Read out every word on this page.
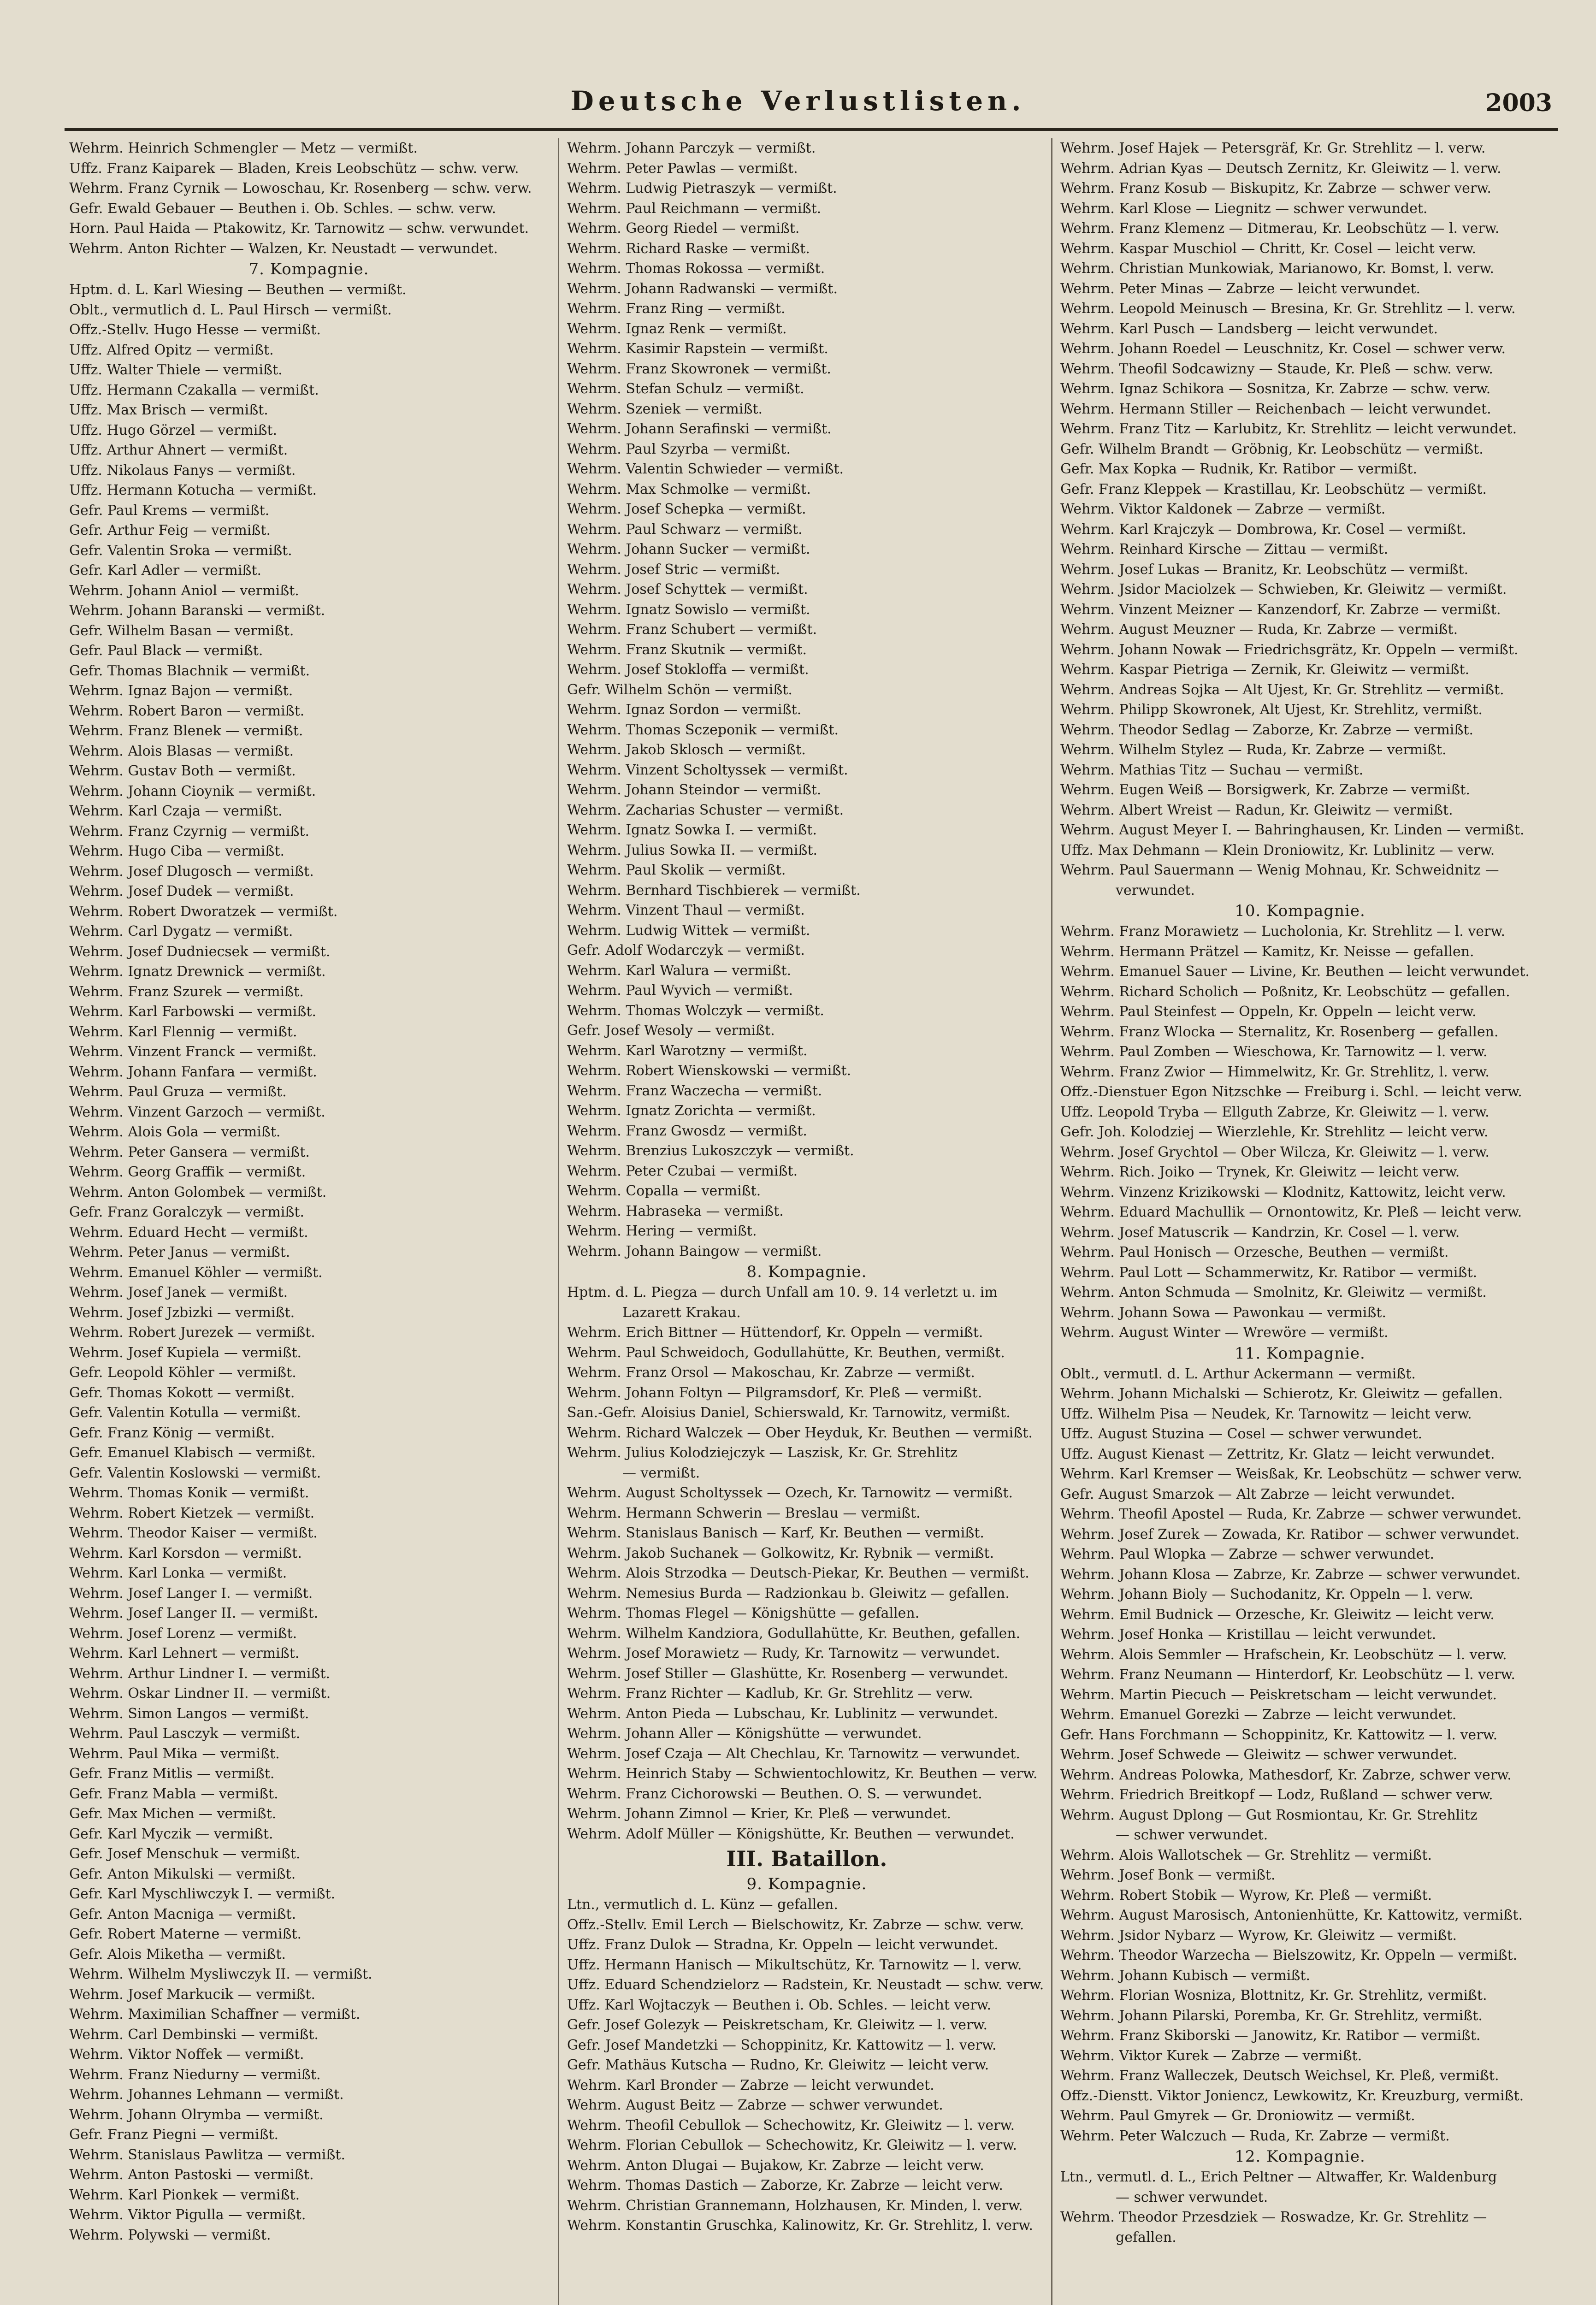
Deutsche Verlustlisten.	2003
Wehrm. Heinrich Schmengler — Metz — vermißt.
Uffz. Franz Kaiparek — Bladen, Kreis Leobschütz — schw. verw.
Wehrm. Franz Cyrnik — Lowoschau, Kr. Rosenberg — schw. verw.
Gefr. Ewald Gebauer — Beuthen i. Ob. Schles. — schw. verw.
Horn. Paul Haida — Ptakowitz, Kr. Tarnowitz — schw. verwundet.
Wehrm. Anton Richter — Walzen, Kr. Neustadt — verwundet.
7. Kompagnie.
Hptm. d. L. Karl Wiesing — Beuthen — vermißt.
Oblt., vermutlich d. L. Paul Hirsch — vermißt.
Offz.-Stellv. Hugo Hesse — vermißt.
Uffz. Alfred Opitz — vermißt.
Uffz. Walter Thiele — vermißt.
Uffz. Hermann Czakalla — vermißt.
Uffz. Max Brisch — vermißt.
Uffz. Hugo Görzel — vermißt.
Uffz. Arthur Ahnert — vermißt.
Uffz. Nikolaus Fanys — vermißt.
Uffz. Hermann Kotucha — vermißt.
Gefr. Paul Krems — vermißt.
Gefr. Arthur Feig — vermißt.
Gefr. Valentin Sroka — vermißt.
Gefr. Karl Adler — vermißt.
Wehrm. Johann Aniol — vermißt.
Wehrm. Johann Baranski — vermißt.
Gefr. Wilhelm Basan — vermißt.
Gefr. Paul Black — vermißt.
Gefr. Thomas Blachnik — vermißt.
Wehrm. Ignaz Bajon — vermißt.
Wehrm. Robert Baron — vermißt.
Wehrm. Franz Blenek — vermißt.
Wehrm. Alois Blasas — vermißt.
Wehrm. Gustav Both — vermißt.
Wehrm. Johann Cioynik — vermißt.
Wehrm. Karl Czaja — vermißt.
Wehrm. Franz Czyrnig — vermißt.
Wehrm. Hugo Ciba — vermißt.
Wehrm. Josef Dlugosch — vermißt.
Wehrm. Josef Dudek — vermißt.
Wehrm. Robert Dworatzek — vermißt.
Wehrm. Carl Dygatz — vermißt.
Wehrm. Josef Dudniecsek — vermißt.
Wehrm. Ignatz Drewnick — vermißt.
Wehrm. Franz Szurek — vermißt.
Wehrm. Karl Farbowski — vermißt.
Wehrm. Karl Flennig — vermißt.
Wehrm. Vinzent Franck — vermißt.
Wehrm. Johann Fanfara — vermißt.
Wehrm. Paul Gruza — vermißt.
Wehrm. Vinzent Garzoch — vermißt.
Wehrm. Alois Gola — vermißt.
Wehrm. Peter Gansera — vermißt.
Wehrm. Georg Graffik — vermißt.
Wehrm. Anton Golombek — vermißt.
Gefr. Franz Goralczyk — vermißt.
Wehrm. Eduard Hecht — vermißt.
Wehrm. Peter Janus — vermißt.
Wehrm. Emanuel Köhler — vermißt.
Wehrm. Josef Janek — vermißt.
Wehrm. Josef Jzbizki — vermißt.
Wehrm. Robert Jurezek — vermißt.
Wehrm. Josef Kupiela — vermißt.
Gefr. Leopold Köhler — vermißt.
Gefr. Thomas Kokott — vermißt.
Gefr. Valentin Kotulla — vermißt.
Gefr. Franz König — vermißt.
Gefr. Emanuel Klabisch — vermißt.
Gefr. Valentin Koslowski — vermißt.
Wehrm. Thomas Konik — vermißt.
Wehrm. Robert Kietzek — vermißt.
Wehrm. Theodor Kaiser — vermißt.
Wehrm. Karl Korsdon — vermißt.
Wehrm. Karl Lonka — vermißt.
Wehrm. Josef Langer I. — vermißt.
Wehrm. Josef Langer II. — vermißt.
Wehrm. Josef Lorenz — vermißt.
Wehrm. Karl Lehnert — vermißt.
Wehrm. Arthur Lindner I. — vermißt.
Wehrm. Oskar Lindner II. — vermißt.
Wehrm. Simon Langos — vermißt.
Wehrm. Paul Lasczyk — vermißt.
Wehrm. Paul Mika — vermißt.
Gefr. Franz Mitlis — vermißt.
Gefr. Franz Mabla — vermißt.
Gefr. Max Michen — vermißt.
Gefr. Karl Myczik — vermißt.
Gefr. Josef Menschuk — vermißt.
Gefr. Anton Mikulski — vermißt.
Gefr. Karl Myschliwczyk I. — vermißt.
Gefr. Anton Macniga — vermißt.
Gefr. Robert Materne — vermißt.
Gefr. Alois Miketha — vermißt.
Wehrm. Wilhelm Mysliwczyk II. — vermißt.
Wehrm. Josef Markucik — vermißt.
Wehrm. Maximilian Schaffner — vermißt.
Wehrm. Carl Dembinski — vermißt.
Wehrm. Viktor Noffek — vermißt.
Wehrm. Franz Niedurny — vermißt.
Wehrm. Johannes Lehmann — vermißt.
Wehrm. Johann Olrymba — vermißt.
Gefr. Franz Piegni — vermißt.
Wehrm. Stanislaus Pawlitza — vermißt.
Wehrm. Anton Pastoski — vermißt.
Wehrm. Karl Pionkek — vermißt.
Wehrm. Viktor Pigulla — vermißt.
Wehrm. Polywski — vermißt.
Wehrm. Johann Parczyk — vermißt.
Wehrm. Peter Pawlas — vermißt.
Wehrm. Ludwig Pietraszyk — vermißt.
Wehrm. Paul Reichmann — vermißt.
Wehrm. Georg Riedel — vermißt.
Wehrm. Richard Raske — vermißt.
Wehrm. Thomas Rokossa — vermißt.
Wehrm. Johann Radwanski — vermißt.
Wehrm. Franz Ring — vermißt.
Wehrm. Ignaz Renk — vermißt.
Wehrm. Kasimir Rapstein — vermißt.
Wehrm. Franz Skowronek — vermißt.
Wehrm. Stefan Schulz — vermißt.
Wehrm. Szeniek — vermißt.
Wehrm. Johann Serafinski — vermißt.
Wehrm. Paul Szyrba — vermißt.
Wehrm. Valentin Schwieder — vermißt.
Wehrm. Max Schmolke — vermißt.
Wehrm. Josef Schepka — vermißt.
Wehrm. Paul Schwarz — vermißt.
Wehrm. Johann Sucker — vermißt.
Wehrm. Josef Stric — vermißt.
Wehrm. Josef Schyttek — vermißt.
Wehrm. Ignatz Sowislo — vermißt.
Wehrm. Franz Schubert — vermißt.
Wehrm. Franz Skutnik — vermißt.
Wehrm. Josef Stokloffa — vermißt.
Gefr. Wilhelm Schön — vermißt.
Wehrm. Ignaz Sordon — vermißt.
Wehrm. Thomas Sczeponik — vermißt.
Wehrm. Jakob Sklosch — vermißt.
Wehrm. Vinzent Scholtyssek — vermißt.
Wehrm. Johann Steindor — vermißt.
Wehrm. Zacharias Schuster — vermißt.
Wehrm. Ignatz Sowka I. — vermißt.
Wehrm. Julius Sowka II. — vermißt.
Wehrm. Paul Skolik — vermißt.
Wehrm. Bernhard Tischbierek — vermißt.
Wehrm. Vinzent Thaul — vermißt.
Wehrm. Ludwig Wittek — vermißt.
Gefr. Adolf Wodarczyk — vermißt.
Wehrm. Karl Walura — vermißt.
Wehrm. Paul Wyvich — vermißt.
Wehrm. Thomas Wolczyk — vermißt.
Gefr. Josef Wesoly — vermißt.
Wehrm. Karl Warotzny — vermißt.
Wehrm. Robert Wienskowski — vermißt.
Wehrm. Franz Waczecha — vermißt.
Wehrm. Ignatz Zorichta — vermißt.
Wehrm. Franz Gwosdz — vermißt.
Wehrm. Brenzius Lukoszczyk — vermißt.
Wehrm. Peter Czubai — vermißt.
Wehrm. Copalla — vermißt.
Wehrm. Habraseka — vermißt.
Wehrm. Hering — vermißt.
Wehrm. Johann Baingow — vermißt.
8. Kompagnie.
Hptm. d. L. Piegza — durch Unfall am 10. 9. 14 verletzt u. im
Lazarett Krakau.
Wehrm. Erich Bittner — Hüttendorf, Kr. Oppeln — vermißt.
Wehrm. Paul Schweidoch, Godullahütte, Kr. Beuthen, vermißt.
Wehrm. Franz Orsol — Makoschau, Kr. Zabrze — vermißt.
Wehrm. Johann Foltyn — Pilgramsdorf, Kr. Pleß — vermißt.
San.-Gefr. Aloisius Daniel, Schierswald, Kr. Tarnowitz, vermißt.
Wehrm. Richard Walczek — Ober Heyduk, Kr. Beuthen — vermißt.
Wehrm. Julius Kolodziejczyk — Laszisk, Kr. Gr. Strehlitz
— vermißt.
Wehrm. August Scholtyssek — Ozech, Kr. Tarnowitz — vermißt.
Wehrm. Hermann Schwerin — Breslau — vermißt.
Wehrm. Stanislaus Banisch — Karf, Kr. Beuthen — vermißt.
Wehrm. Jakob Suchanek — Golkowitz, Kr. Rybnik — vermißt.
Wehrm. Alois Strzodka — Deutsch-Piekar, Kr. Beuthen — vermißt.
Wehrm. Nemesius Burda — Radzionkau b. Gleiwitz — gefallen.
Wehrm. Thomas Flegel — Königshütte — gefallen.
Wehrm. Wilhelm Kandziora, Godullahütte, Kr. Beuthen, gefallen.
Wehrm. Josef Morawietz — Rudy, Kr. Tarnowitz — verwundet.
Wehrm. Josef Stiller — Glashütte, Kr. Rosenberg — verwundet.
Wehrm. Franz Richter — Kadlub, Kr. Gr. Strehlitz — verw.
Wehrm. Anton Pieda — Lubschau, Kr. Lublinitz — verwundet.
Wehrm. Johann Aller — Königshütte — verwundet.
Wehrm. Josef Czaja — Alt Chechlau, Kr. Tarnowitz — verwundet.
Wehrm. Heinrich Staby — Schwientochlowitz, Kr. Beuthen — verw.
Wehrm. Franz Cichorowski — Beuthen. O. S. — verwundet.
Wehrm. Johann Zimnol — Krier, Kr. Pleß — verwundet.
Wehrm. Adolf Müller — Königshütte, Kr. Beuthen — verwundet.
III. Bataillon.
9. Kompagnie.
Ltn., vermutlich d. L. Künz — gefallen.
Offz.-Stellv. Emil Lerch — Bielschowitz, Kr. Zabrze — schw. verw.
Uffz. Franz Dulok — Stradna, Kr. Oppeln — leicht verwundet.
Uffz. Hermann Hanisch — Mikultschütz, Kr. Tarnowitz — l. verw.
Uffz. Eduard Schendzielorz — Radstein, Kr. Neustadt — schw. verw.
Uffz. Karl Wojtaczyk — Beuthen i. Ob. Schles. — leicht verw.
Gefr. Josef Golezyk — Peiskretscham, Kr. Gleiwitz — l. verw.
Gefr. Josef Mandetzki — Schoppinitz, Kr. Kattowitz — l. verw.
Gefr. Mathäus Kutscha — Rudno, Kr. Gleiwitz — leicht verw.
Wehrm. Karl Bronder — Zabrze — leicht verwundet.
Wehrm. August Beitz — Zabrze — schwer verwundet.
Wehrm. Theofil Cebullok — Schechowitz, Kr. Gleiwitz — l. verw.
Wehrm. Florian Cebullok — Schechowitz, Kr. Gleiwitz — l. verw.
Wehrm. Anton Dlugai — Bujakow, Kr. Zabrze — leicht verw.
Wehrm. Thomas Dastich — Zaborze, Kr. Zabrze — leicht verw.
Wehrm. Christian Grannemann, Holzhausen, Kr. Minden, l. verw.
Wehrm. Konstantin Gruschka, Kalinowitz, Kr. Gr. Strehlitz, l. verw.
Wehrm. Josef Hajek — Petersgräf, Kr. Gr. Strehlitz — l. verw.
Wehrm. Adrian Kyas — Deutsch Zernitz, Kr. Gleiwitz — l. verw.
Wehrm. Franz Kosub — Biskupitz, Kr. Zabrze — schwer verw.
Wehrm. Karl Klose — Liegnitz — schwer verwundet.
Wehrm. Franz Klemenz — Ditmerau, Kr. Leobschütz — l. verw.
Wehrm. Kaspar Muschiol — Chritt, Kr. Cosel — leicht verw.
Wehrm. Christian Munkowiak, Marianowo, Kr. Bomst, l. verw.
Wehrm. Peter Minas — Zabrze — leicht verwundet.
Wehrm. Leopold Meinusch — Bresina, Kr. Gr. Strehlitz — l. verw.
Wehrm. Karl Pusch — Landsberg — leicht verwundet.
Wehrm. Johann Roedel — Leuschnitz, Kr. Cosel — schwer verw.
Wehrm. Theofil Sodcawizny — Staude, Kr. Pleß — schw. verw.
Wehrm. Ignaz Schikora — Sosnitza, Kr. Zabrze — schw. verw.
Wehrm. Hermann Stiller — Reichenbach — leicht verwundet.
Wehrm. Franz Titz — Karlubitz, Kr. Strehlitz — leicht verwundet.
Gefr. Wilhelm Brandt — Gröbnig, Kr. Leobschütz — vermißt.
Gefr. Max Kopka — Rudnik, Kr. Ratibor — vermißt.
Gefr. Franz Kleppek — Krastillau, Kr. Leobschütz — vermißt.
Wehrm. Viktor Kaldonek — Zabrze — vermißt.
Wehrm. Karl Krajczyk — Dombrowa, Kr. Cosel — vermißt.
Wehrm. Reinhard Kirsche — Zittau — vermißt.
Wehrm. Josef Lukas — Branitz, Kr. Leobschütz — vermißt.
Wehrm. Jsidor Maciolzek — Schwieben, Kr. Gleiwitz — vermißt.
Wehrm. Vinzent Meizner — Kanzendorf, Kr. Zabrze — vermißt.
Wehrm. August Meuzner — Ruda, Kr. Zabrze — vermißt.
Wehrm. Johann Nowak — Friedrichsgrätz, Kr. Oppeln — vermißt.
Wehrm. Kaspar Pietriga — Zernik, Kr. Gleiwitz — vermißt.
Wehrm. Andreas Sojka — Alt Ujest, Kr. Gr. Strehlitz — vermißt.
Wehrm. Philipp Skowronek, Alt Ujest, Kr. Strehlitz, vermißt.
Wehrm. Theodor Sedlag — Zaborze, Kr. Zabrze — vermißt.
Wehrm. Wilhelm Stylez — Ruda, Kr. Zabrze — vermißt.
Wehrm. Mathias Titz — Suchau — vermißt.
Wehrm. Eugen Weiß — Borsigwerk, Kr. Zabrze — vermißt.
Wehrm. Albert Wreist — Radun, Kr. Gleiwitz — vermißt.
Wehrm. August Meyer I. — Bahringhausen, Kr. Linden — vermißt.
Uffz. Max Dehmann — Klein Droniowitz, Kr. Lublinitz — verw.
Wehrm. Paul Sauermann — Wenig Mohnau, Kr. Schweidnitz —
verwundet.
10. Kompagnie.
Wehrm. Franz Morawietz — Lucholonia, Kr. Strehlitz — l. verw.
Wehrm. Hermann Prätzel — Kamitz, Kr. Neisse — gefallen.
Wehrm. Emanuel Sauer — Livine, Kr. Beuthen — leicht verwundet.
Wehrm. Richard Scholich — Poßnitz, Kr. Leobschütz — gefallen.
Wehrm. Paul Steinfest — Oppeln, Kr. Oppeln — leicht verw.
Wehrm. Franz Wlocka — Sternalitz, Kr. Rosenberg — gefallen.
Wehrm. Paul Zomben — Wieschowa, Kr. Tarnowitz — l. verw.
Wehrm. Franz Zwior — Himmelwitz, Kr. Gr. Strehlitz, l. verw.
Offz.-Dienstuer Egon Nitzschke — Freiburg i. Schl. — leicht verw.
Uffz. Leopold Tryba — Ellguth Zabrze, Kr. Gleiwitz — l. verw.
Gefr. Joh. Kolodziej — Wierzlehle, Kr. Strehlitz — leicht verw.
Wehrm. Josef Grychtol — Ober Wilcza, Kr. Gleiwitz — l. verw.
Wehrm. Rich. Joiko — Trynek, Kr. Gleiwitz — leicht verw.
Wehrm. Vinzenz Krizikowski — Klodnitz, Kattowitz, leicht verw.
Wehrm. Eduard Machullik — Ornontowitz, Kr. Pleß — leicht verw.
Wehrm. Josef Matuscrik — Kandrzin, Kr. Cosel — l. verw.
Wehrm. Paul Honisch — Orzesche, Beuthen — vermißt.
Wehrm. Paul Lott — Schammerwitz, Kr. Ratibor — vermißt.
Wehrm. Anton Schmuda — Smolnitz, Kr. Gleiwitz — vermißt.
Wehrm. Johann Sowa — Pawonkau — vermißt.
Wehrm. August Winter — Wrewöre — vermißt.
11. Kompagnie.
Oblt., vermutl. d. L. Arthur Ackermann — vermißt.
Wehrm. Johann Michalski — Schierotz, Kr. Gleiwitz — gefallen.
Uffz. Wilhelm Pisa — Neudek, Kr. Tarnowitz — leicht verw.
Uffz. August Stuzina — Cosel — schwer verwundet.
Uffz. August Kienast — Zettritz, Kr. Glatz — leicht verwundet.
Wehrm. Karl Kremser — Weisßak, Kr. Leobschütz — schwer verw.
Gefr. August Smarzok — Alt Zabrze — leicht verwundet.
Wehrm. Theofil Apostel — Ruda, Kr. Zabrze — schwer verwundet.
Wehrm. Josef Zurek — Zowada, Kr. Ratibor — schwer verwundet.
Wehrm. Paul Wlopka — Zabrze — schwer verwundet.
Wehrm. Johann Klosa — Zabrze, Kr. Zabrze — schwer verwundet.
Wehrm. Johann Bioly — Suchodanitz, Kr. Oppeln — l. verw.
Wehrm. Emil Budnick — Orzesche, Kr. Gleiwitz — leicht verw.
Wehrm. Josef Honka — Kristillau — leicht verwundet.
Wehrm. Alois Semmler — Hrafschein, Kr. Leobschütz — l. verw.
Wehrm. Franz Neumann — Hinterdorf, Kr. Leobschütz — l. verw.
Wehrm. Martin Piecuch — Peiskretscham — leicht verwundet.
Wehrm. Emanuel Gorezki — Zabrze — leicht verwundet.
Gefr. Hans Forchmann — Schoppinitz, Kr. Kattowitz — l. verw.
Wehrm. Josef Schwede — Gleiwitz — schwer verwundet.
Wehrm. Andreas Polowka, Mathesdorf, Kr. Zabrze, schwer verw.
Wehrm. Friedrich Breitkopf — Lodz, Rußland — schwer verw.
Wehrm. August Dplong — Gut Rosmiontau, Kr. Gr. Strehlitz
— schwer verwundet.
Wehrm. Alois Wallotschek — Gr. Strehlitz — vermißt.
Wehrm. Josef Bonk — vermißt.
Wehrm. Robert Stobik — Wyrow, Kr. Pleß — vermißt.
Wehrm. August Marosisch, Antonienhütte, Kr. Kattowitz, vermißt.
Wehrm. Jsidor Nybarz — Wyrow, Kr. Gleiwitz — vermißt.
Wehrm. Theodor Warzecha — Bielszowitz, Kr. Oppeln — vermißt.
Wehrm. Johann Kubisch — vermißt.
Wehrm. Florian Wosniza, Blottnitz, Kr. Gr. Strehlitz, vermißt.
Wehrm. Johann Pilarski, Poremba, Kr. Gr. Strehlitz, vermißt.
Wehrm. Franz Skiborski — Janowitz, Kr. Ratibor — vermißt.
Wehrm. Viktor Kurek — Zabrze — vermißt.
Wehrm. Franz Walleczek, Deutsch Weichsel, Kr. Pleß, vermißt.
Offz.-Dienstt. Viktor Joniencz, Lewkowitz, Kr. Kreuzburg, vermißt.
Wehrm. Paul Gmyrek — Gr. Droniowitz — vermißt.
Wehrm. Peter Walczuch — Ruda, Kr. Zabrze — vermißt.
12. Kompagnie.
Ltn., vermutl. d. L., Erich Peltner — Altwaffer, Kr. Waldenburg
— schwer verwundet.
Wehrm. Theodor Przesdziek — Roswadze, Kr. Gr. Strehlitz —
gefallen.
